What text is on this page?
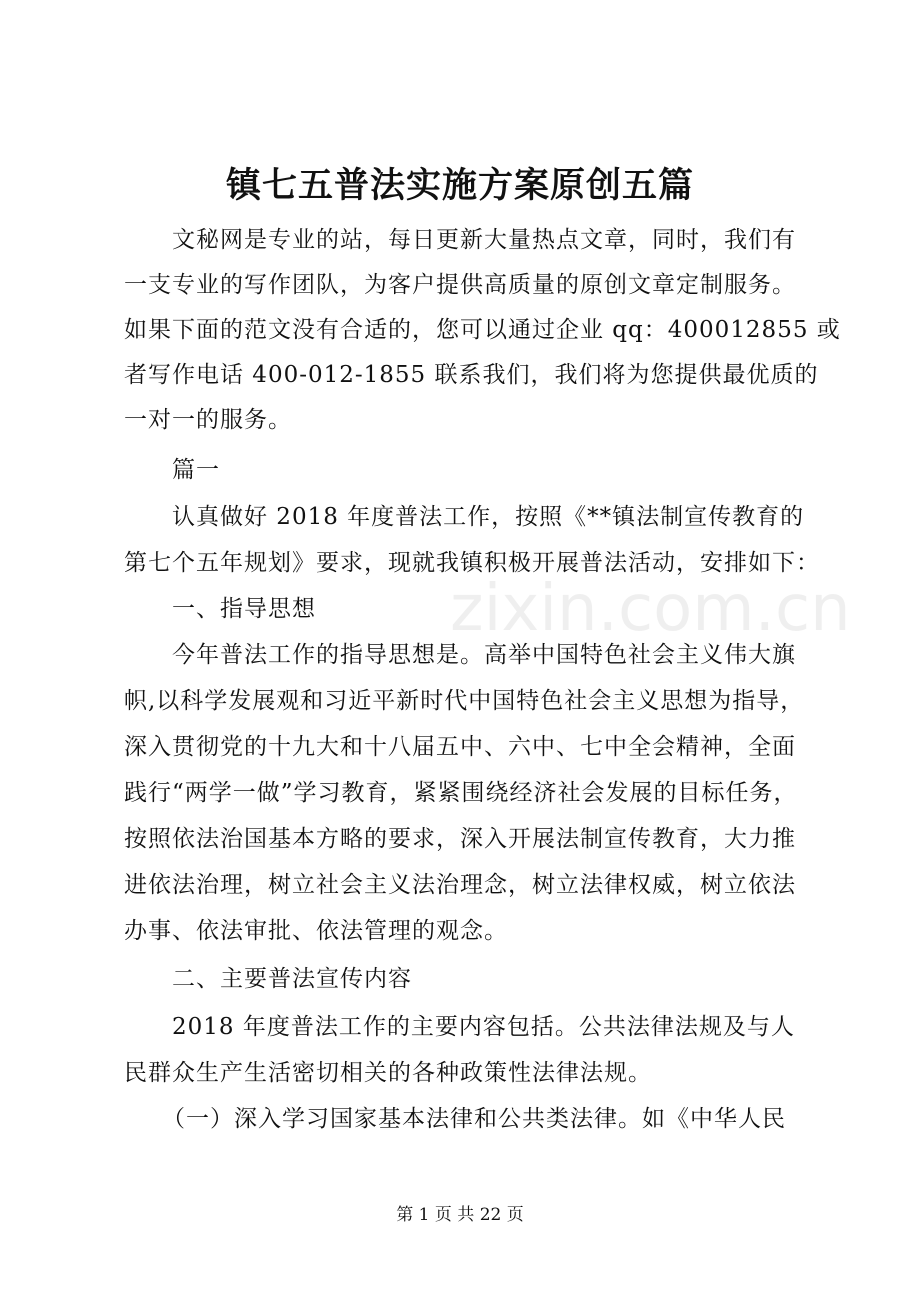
zixin.com.cn
镇七五普法实施方案原创五篇
文秘网是专业的站，每日更新大量热点文章，同时，我们有
一支专业的写作团队，为客户提供高质量的原创文章定制服务。
如果下面的范文没有合适的，您可以通过企业 qq：400012855 或
者写作电话 400-012-1855 联系我们，我们将为您提供最优质的
一对一的服务。
篇一
认真做好 2018 年度普法工作，按照《**镇法制宣传教育的
第七个五年规划》要求，现就我镇积极开展普法活动，安排如下：
一、指导思想
今年普法工作的指导思想是。高举中国特色社会主义伟大旗
帜,以科学发展观和习近平新时代中国特色社会主义思想为指导，
深入贯彻党的十九大和十八届五中、六中、七中全会精神，全面
践行“两学一做”学习教育，紧紧围绕经济社会发展的目标任务，
按照依法治国基本方略的要求，深入开展法制宣传教育，大力推
进依法治理，树立社会主义法治理念，树立法律权威，树立依法
办事、依法审批、依法管理的观念。
二、主要普法宣传内容
2018 年度普法工作的主要内容包括。公共法律法规及与人
民群众生产生活密切相关的各种政策性法律法规。
（一）深入学习国家基本法律和公共类法律。如《中华人民
第 1 页 共 22 页
